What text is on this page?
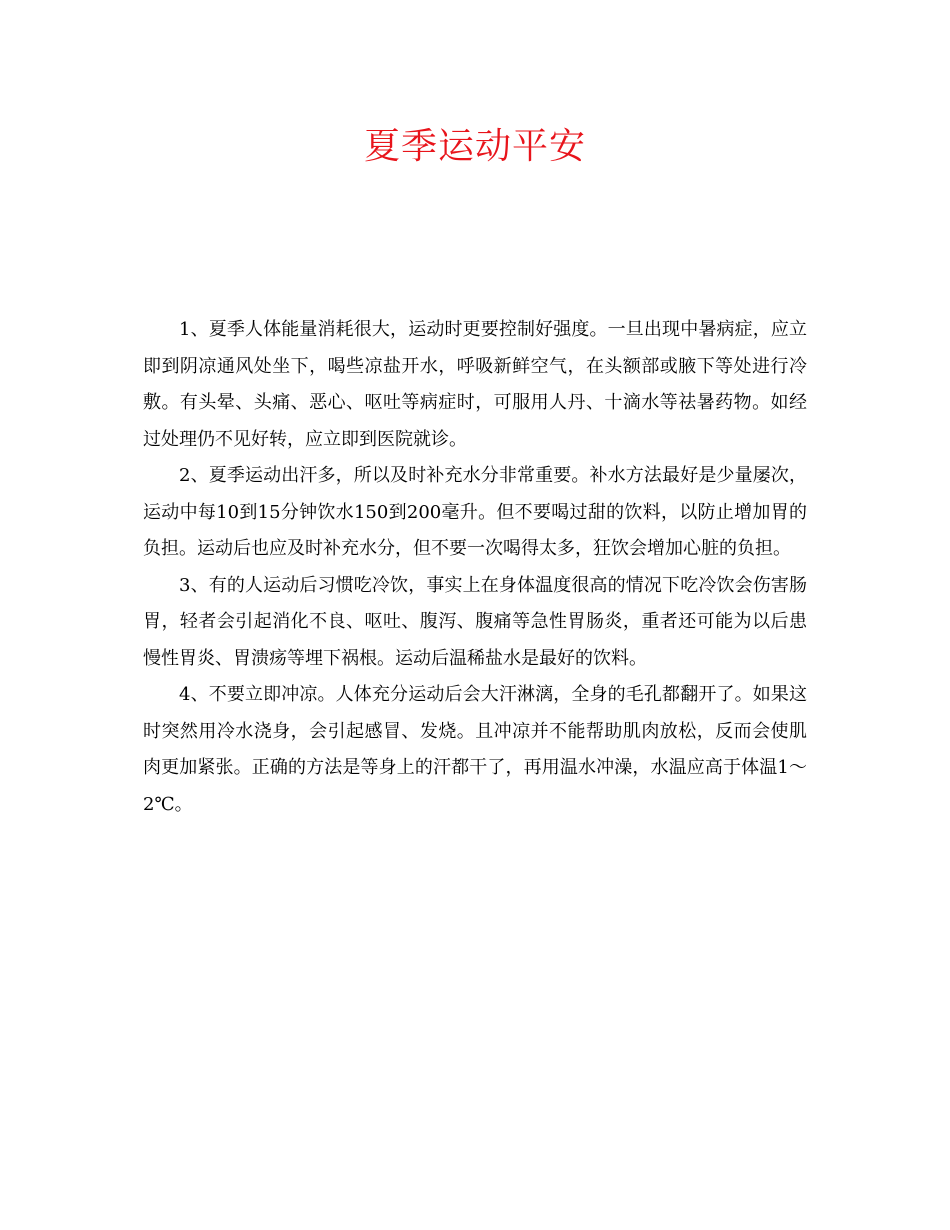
夏季运动平安

1、夏季人体能量消耗很大，运动时更要控制好强度。一旦出现中暑病症，应立即到阴凉通风处坐下，喝些凉盐开水，呼吸新鲜空气，在头额部或腋下等处进行冷敷。有头晕、头痛、恶心、呕吐等病症时，可服用人丹、十滴水等祛暑药物。如经过处理仍不见好转，应立即到医院就诊。

2、夏季运动出汗多，所以及时补充水分非常重要。补水方法最好是少量屡次，运动中每10到15分钟饮水150到200毫升。但不要喝过甜的饮料，以防止增加胃的负担。运动后也应及时补充水分，但不要一次喝得太多，狂饮会增加心脏的负担。

3、有的人运动后习惯吃冷饮，事实上在身体温度很高的情况下吃冷饮会伤害肠胃，轻者会引起消化不良、呕吐、腹泻、腹痛等急性胃肠炎，重者还可能为以后患慢性胃炎、胃溃疡等埋下祸根。运动后温稀盐水是最好的饮料。

4、不要立即冲凉。人体充分运动后会大汗淋漓，全身的毛孔都翻开了。如果这时突然用冷水浇身，会引起感冒、发烧。且冲凉并不能帮助肌肉放松，反而会使肌肉更加紧张。正确的方法是等身上的汗都干了，再用温水冲澡，水温应高于体温1～2℃。
